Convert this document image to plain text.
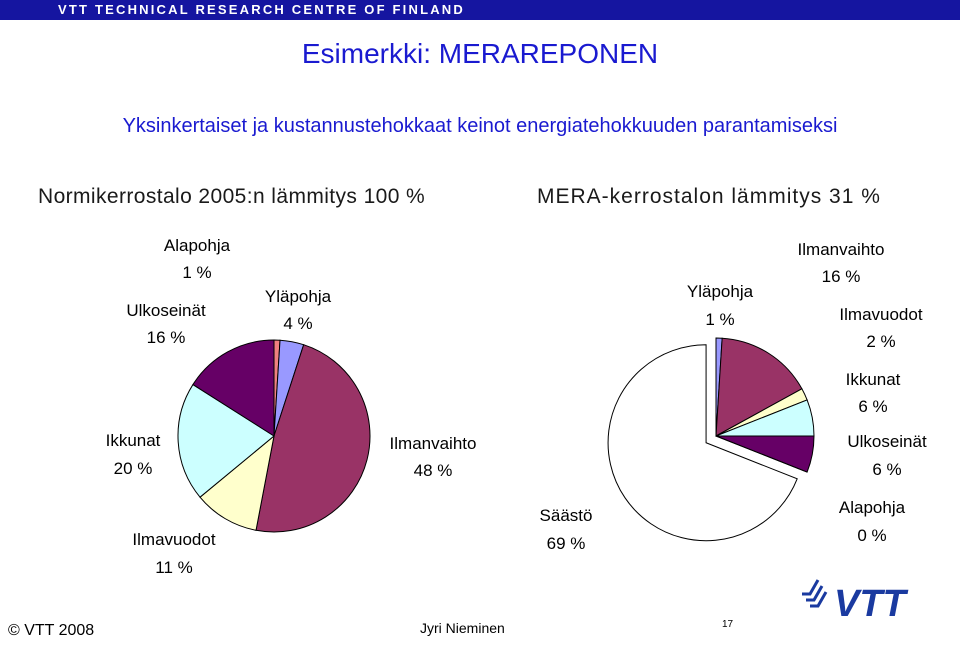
VTT TECHNICAL RESEARCH CENTRE OF FINLAND
Esimerkki: MERAREPONEN
Yksinkertaiset ja kustannustehokkaat keinot energiatehokkuuden parantamiseksi
Normikerrostalo 2005:n lämmitys 100 %	MERA-kerrostalon lämmitys 31 %
Alapohja
1 %
Yläpohja
4 %
Ilmanvaihto
48 %
Ilmavuodot
11 %
Ikkunat
20 %
Ulkoseinät
16 %
Yläpohja
1 %
Ilmanvaihto
16 %
Ilmavuodot
2 %
Ikkunat
6 %
Ulkoseinät
6 %
Alapohja
0 %
Säästö
69 %
© VTT 2008	Jyri Nieminen	17	VTT
